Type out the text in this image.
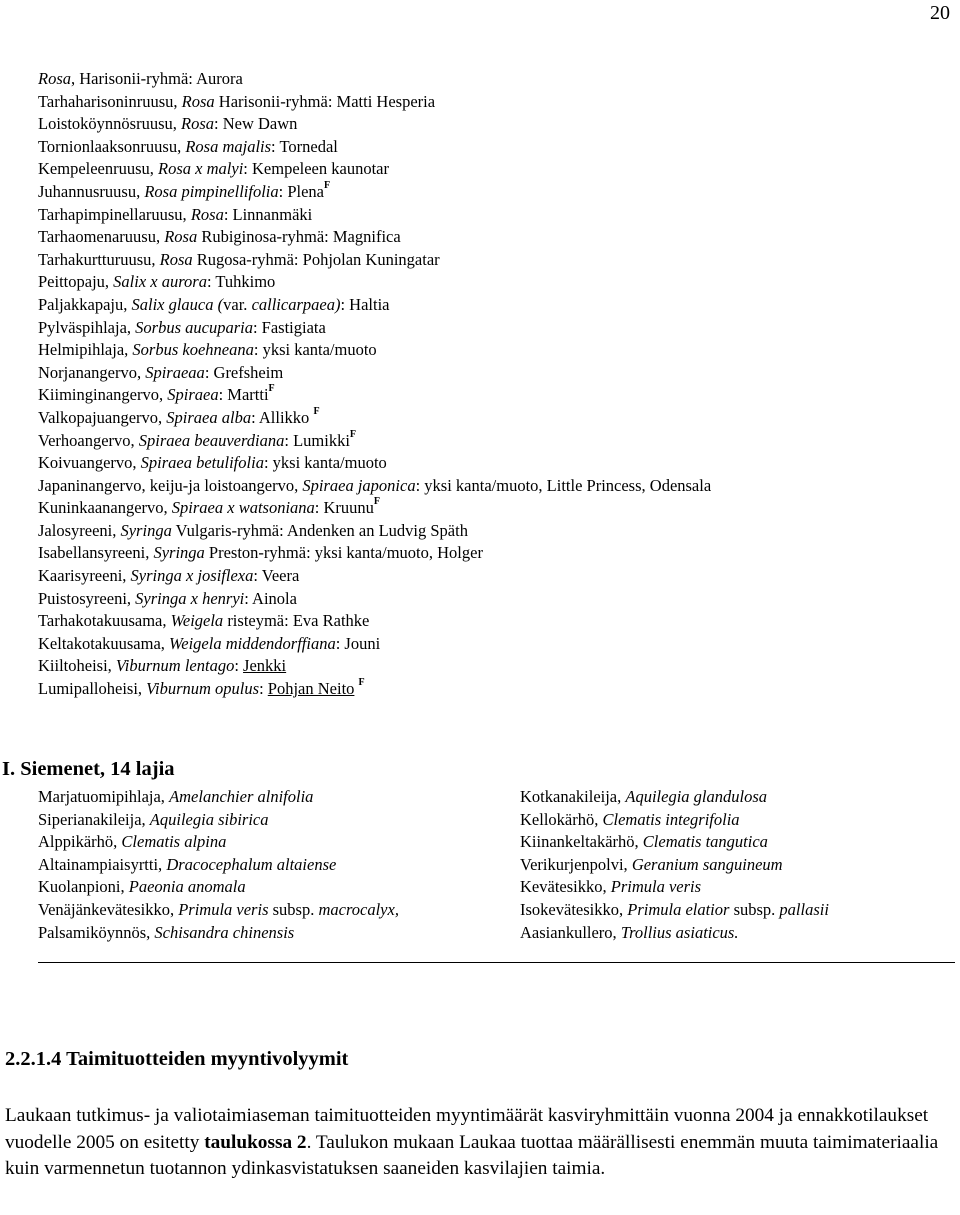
20
Rosa, Harisonii-ryhmä: Aurora
Tarhaharisoninruusu, Rosa Harisonii-ryhmä: Matti Hesperia
Loistoköynnösruusu, Rosa: New Dawn
Tornionlaaksonruusu, Rosa majalis: Tornedal
Kempeleenruusu, Rosa x malyi: Kempeleen kaunotar
Juhannusruusu, Rosa pimpinellifolia: Plena$^F$
Tarhapimpinellaruusu, Rosa: Linnanmäki
Tarhaomenaruusu, Rosa Rubiginosa-ryhmä: Magnifica
Tarhakurtturuusu, Rosa Rugosa-ryhmä: Pohjolan Kuningatar
Peittopaju, Salix x aurora: Tuhkimo
Paljakkapaju, Salix glauca (var. callicarpaea): Haltia
Pylväspihlaja, Sorbus aucuparia: Fastigiata
Helmipihlaja, Sorbus koehneana: yksi kanta/muoto
Norjanangervo, Spiraeaa: Grefsheim
Kiiminginangervo, Spiraea: Martti$^F$
Valkopajuangervo, Spiraea alba: Allikko $^F$
Verhoangervo, Spiraea beauverdiana: Lumikki$^F$
Koivuangervo, Spiraea betulifolia: yksi kanta/muoto
Japaninangervo, keiju-ja loistoangervo, Spiraea japonica: yksi kanta/muoto, Little Princess, Odensala
Kuninkaanangervo, Spiraea x watsoniana: Kruunu$^F$
Jalosyreeni, Syringa Vulgaris-ryhmä: Andenken an Ludvig Späth
Isabellansyreeni, Syringa Preston-ryhmä: yksi kanta/muoto, Holger
Kaarisyreeni, Syringa x josiflexa: Veera
Puistosyreeni, Syringa x henryi: Ainola
Tarhakotakuusama, Weigela risteymä: Eva Rathke
Keltakotakuusama, Weigela middendorffiana: Jouni
Kiiltoheisi, Viburnum lentago: Jenkki
Lumipalloheisi, Viburnum opulus: Pohjan Neito $^F$
I. Siemenet, 14 lajia
Marjatuomipihlaja, Amelanchier alnifolia
Siperianakileija, Aquilegia sibirica
Alppikärhö, Clematis alpina
Altainampiaisyrtti, Dracocephalum altaiense
Kuolanpioni, Paeonia anomala
Venäjänkevätesikko, Primula veris subsp. macrocalyx,
Palsamiköynnös, Schisandra chinensis
Kotkanakileija, Aquilegia glandulosa
Kellokärhö, Clematis integrifolia
Kiinankeltakärhö, Clematis tangutica
Verikurjenpolvi, Geranium sanguineum
Kevätesikko, Primula veris
Isokevätesikko, Primula elatior subsp. pallasii
Aasiankullero, Trollius asiaticus.
2.2.1.4 Taimituotteiden myyntivolyymit
Laukaan tutkimus- ja valiotaimiaseman taimituotteiden myyntimäärät kasviryhmittäin vuonna 2004 ja ennakkotilaukset vuodelle 2005 on esitetty taulukossa 2. Taulukon mukaan Laukaa tuottaa määrällisesti enemmän muuta taimimateriaalia kuin varmennetun tuotannon ydinkasvistatuksen saaneiden kasvilajien taimia.
